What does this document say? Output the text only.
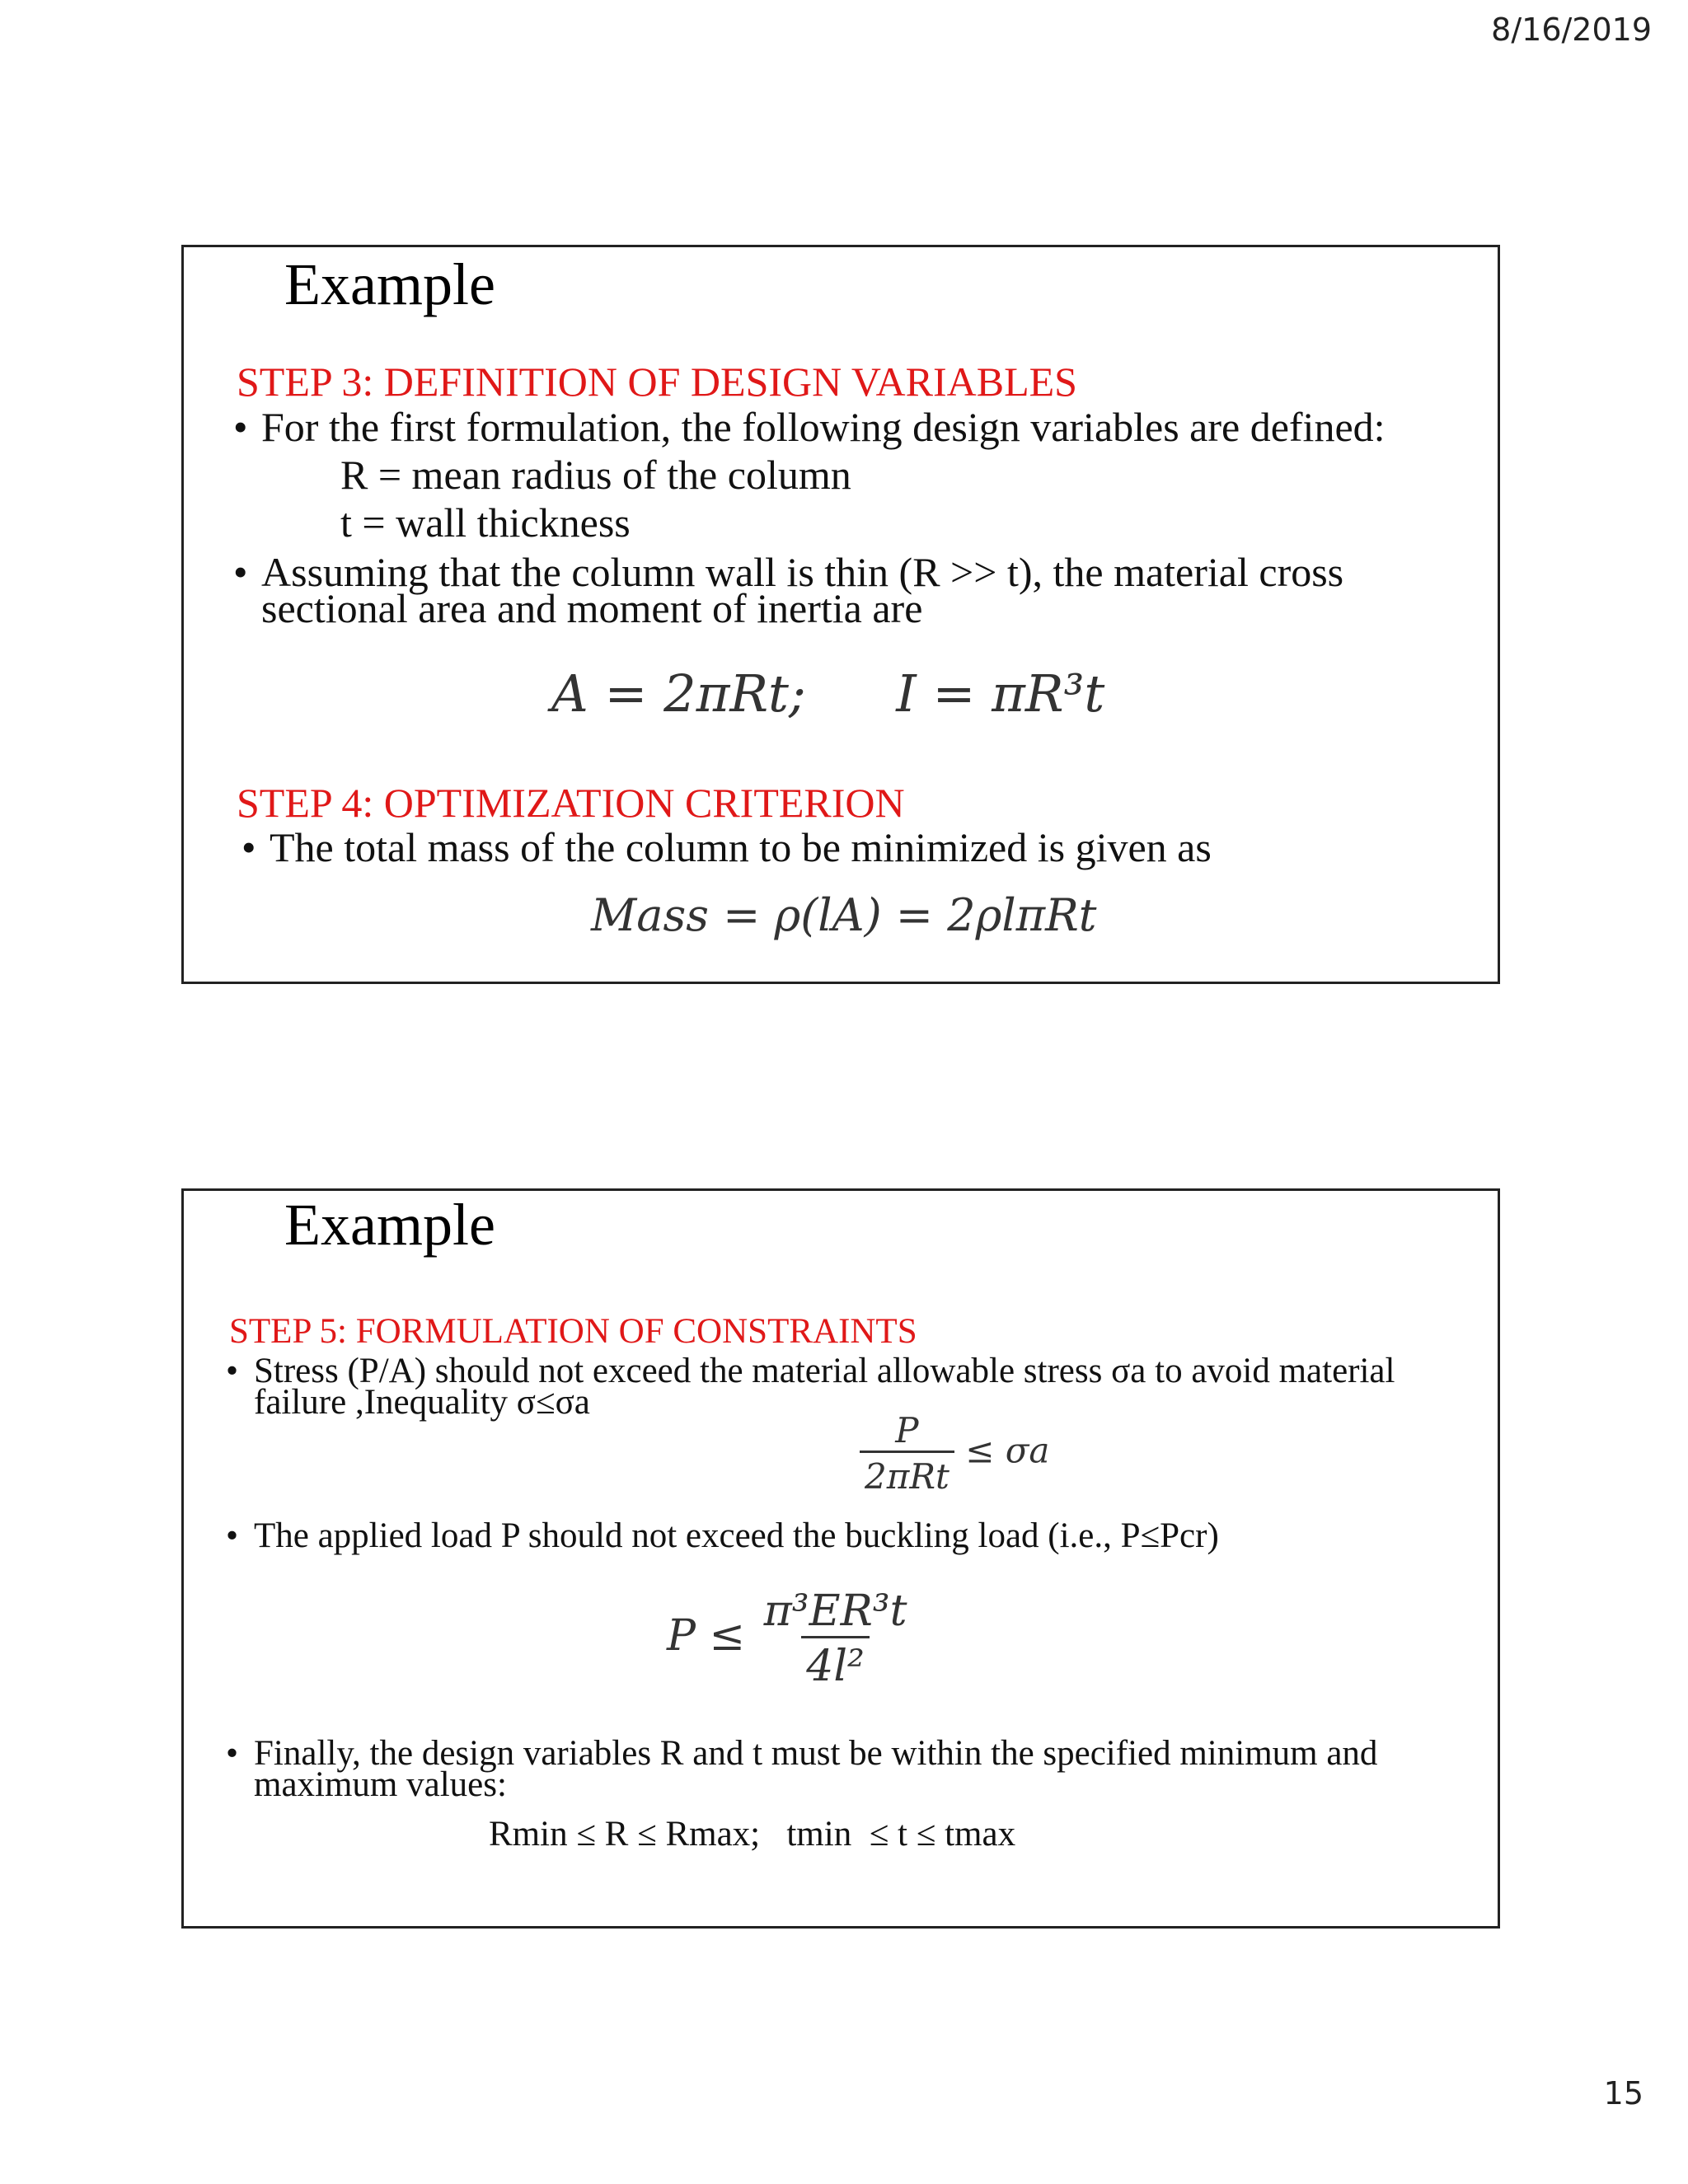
8/16/2019
Example
STEP 3: DEFINITION OF DESIGN VARIABLES
• For the first formulation, the following design variables are defined:
R = mean radius of the column
t = wall thickness
• Assuming that the column wall is thin (R >> t), the material cross
sectional area and moment of inertia are
A = 2πRt; I = πR³t
STEP 4: OPTIMIZATION CRITERION
• The total mass of the column to be minimized is given as
Mass = ρ(lA) = 2ρlπRt
Example
STEP 5: FORMULATION OF CONSTRAINTS
• Stress (P/A) should not exceed the material allowable stress σa to avoid material
failure ,Inequality σ≤σa
$\frac{P}{\text{2πRt}} \le \sigma a$
• The applied load P should not exceed the buckling load (i.e., P≤Pcr)
$P \le \frac{\text{π³ER³t}}{\text{4l²}}$
• Finally, the design variables R and t must be within the specified minimum and
maximum values:
Rmin ≤ R ≤ Rmax;   tmin  ≤ t ≤ tmax
15
